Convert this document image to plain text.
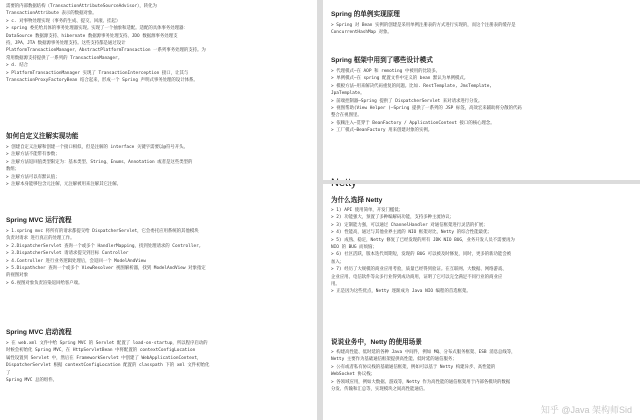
需要的内部数据结构（TransactionAttributeSourceAdvisor），转化为

TransactionAttribute 表示的数据对象。

> c. 对事物处理实现（事务的生成、提交、回滚、挂起）

> spring 委托给具体的事务处理器实现。实现了一个抽象和适配。适配的具体事务处理器：

DataSource 数据源支持、hibernate 数据源事务处理支持、JDO 数据源事务处理支

持，JPA、JTA 数据源事务处理支持。这些支持都是通过设计

PlatformTransactionManager、AbstractPlatformTransaction 一系列事务处理的支持。为

常用数据源支持提供了一系列的 TransactionManager。

> d. 结合

> PlatformTransactionManager 实现了 TransactionInterception 接口，让其与

TransactionProxyFactoryBean 结合起来，形成一个 Spring 声明式事务处理的设计体系。

如何自定义注解实现功能

> 创建自定义注解和创建一个接口相似，但是注解的 interface 关键字需要以@符号开头。

> 注解方法不能带有参数；

> 注解方法返回值类型限定为：基本类型、String、Enums、Annotation 或者是这些类型的

数组；

> 注解方法可以有默认值；

> 注解本身能够包含元注解，元注解被用来注解其它注解。

Spring MVC 运行流程

> 1.spring mvc 将所有的请求都提交给 DispatcherServlet，它会委托应用系统的其他模块

负责对请求 进行真正的处理工作。

> 2.DispatcherServlet 查询一个或多个 HandlerMapping，找到处理请求的 Controller。

> 3.DispatcherServlet 请请求提交到目标 Controller

> 4.Controller 进行业务逻辑处理后，会返回一个 ModelAndView

> 5.Dispathcher 查询一个或多个 ViewResolver 视图解析器，找到 ModelAndView 对象指定

的视图对象

> 6.视图对象负责渲染返回给客户端。

Spring MVC 启动流程

> 在 web.xml 文件中给 Spring MVC 的 Servlet 配置了 load-on-startup，所以程序启动的

时候会初始化 Spring MVC，在 HttpServletBean 中将配置的 contextConfigLocation

属性设置到 Servlet 中，然后在 FrameworkServlet 中创建了 WebApplicationContext，

DispatcherServlet 根据 contextConfigLocation 配置的 classpath 下的 xml 文件初始化

了

Spring MVC 总的组件。

Spring 的单例实现原理

> Spring 对 Bean 实例的创建是采用单例注册表的方式进行实现的，而这个注册表的缓存是

ConcurrentHashMap 对象。

Spring 框架中用到了哪些设计模式

> 代理模式—在 AOP 和 remoting 中被用的比较多。

> 单例模式—在 spring 配置文件中定义的 bean 默认为单例模式。

> 模板方法—用来解决代码重复的问题。比如. RestTemplate, JmsTemplate,

JpaTemplate。

> 前端控制器—Spring 提供了 DispatcherServlet 来对请求进行分发。

> 视图帮助(View Helper )—Spring 提供了一系列的 JSP 标签，高效宏来辅助将分散的代码

整合在视图里。

> 依赖注入—贯穿于 BeanFactory / ApplicationContext 接口的核心理念。

> 工厂模式—BeanFactory 用来创建对象的实例。

为什么选择 Netty

> 1) API 使用简单，开发门槛低；

> 2) 功能强大，预置了多种编解码功能，支持多种主流协议；

> 3) 定制能力强，可以通过 ChannelHandler 对通信框架进行灵活的扩展；

> 4) 性能高，通过与其他业界主流的 NIO 框架对比，Netty 的综合性能最优；

> 5) 成熟、稳定，Netty 修复了已经发现的所有 JDK NIO BUG，业务开发人员不需要再为

NIO 的 BUG 而烦恼；

> 6) 社区活跃，版本迭代周期短，发现的 BUG 可以被及时修复，同时，更多的新功能会被

加入；

> 7) 经历了大规模的商业应用考验，质量已经得到验证。在互联网、大数据、网络游戏、

企业应用、电信软件等众多行业得到成功商用，证明了它可以完全满足不同行业的商业应

用。

> 正是因为这些优点，Netty 逐渐成为 Java NIO 编程的首选框架。

说说业务中，Netty 的使用场景

> 构建高性能、低时延的各种 Java 中间件，例如 MQ、分布式服务框架、ESB 消息总线等，

Netty 主要作为基础通信框架提供高性能、低时延的通信服务；

> 公有或者私有协议栈的基础通信框架，例如可以基于 Netty 构建异步、高性能的

WebSocket 协议栈；

> 各领域应用，例如大数据、游戏等，Netty 作为高性能的通信框架用于内部各模块的数据

分发、传输和汇总等，实现模块之间高性能通信。

知乎 @Java 架构师Sid
